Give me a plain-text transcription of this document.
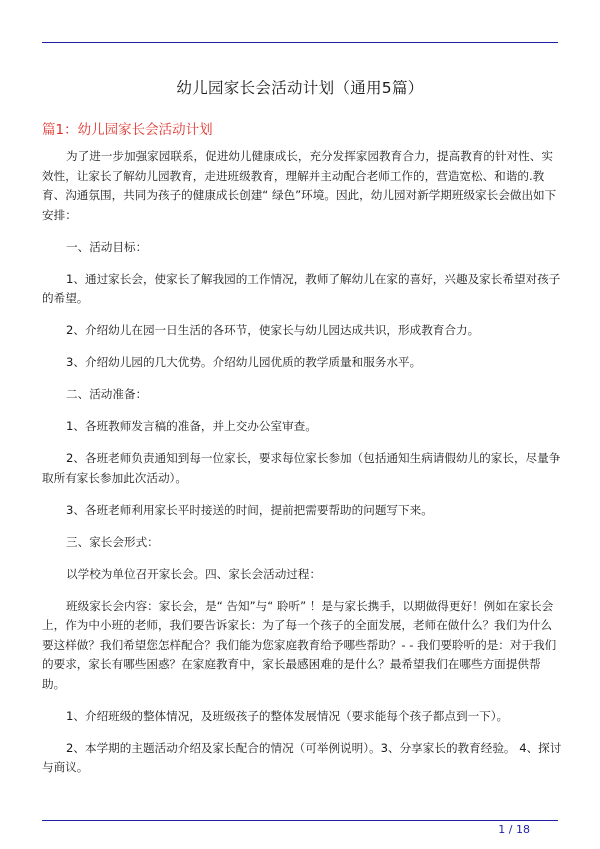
幼儿园家长会活动计划（通用5篇）
篇1：幼儿园家长会活动计划

为了进一步加强家园联系，促进幼儿健康成长，充分发挥家园教育合力，提高教育的针对性、实效性，让家长了解幼儿园教育，走进班级教育，理解并主动配合老师工作的，营造宽松、和谐的.教育、沟通氛围，共同为孩子的健康成长创建“ 绿色”环境。因此，幼儿园对新学期班级家长会做出如下安排：

一、活动目标：

1、通过家长会，使家长了解我园的工作情况，教师了解幼儿在家的喜好，兴趣及家长希望对孩子的希望。

2、介绍幼儿在园一日生活的各环节，使家长与幼儿园达成共识，形成教育合力。

3、介绍幼儿园的几大优势。介绍幼儿园优质的教学质量和服务水平。

二、活动准备：

1、各班教师发言稿的准备，并上交办公室审查。

2、各班老师负责通知到每一位家长，要求每位家长参加（包括通知生病请假幼儿的家长，尽量争取所有家长参加此次活动）。

3、各班老师利用家长平时接送的时间，提前把需要帮助的问题写下来。

三、家长会形式：

以学校为单位召开家长会。四、家长会活动过程：

班级家长会内容：家长会，是“ 告知”与“ 聆听” ！是与家长携手，以期做得更好！例如在家长会上，作为中小班的老师，我们要告诉家长：为了每一个孩子的全面发展，老师在做什么？我们为什么要这样做？我们希望您怎样配合？我们能为您家庭教育给予哪些帮助？- - 我们要聆听的是：对于我们的要求，家长有哪些困惑？在家庭教育中，家长最感困难的是什么？最希望我们在哪些方面提供帮助。

1、介绍班级的整体情况，及班级孩子的整体发展情况（要求能每个孩子都点到一下）。

2、本学期的主题活动介绍及家长配合的情况（可举例说明）。3、分享家长的教育经验。 4、探讨与商议。

1 / 18
